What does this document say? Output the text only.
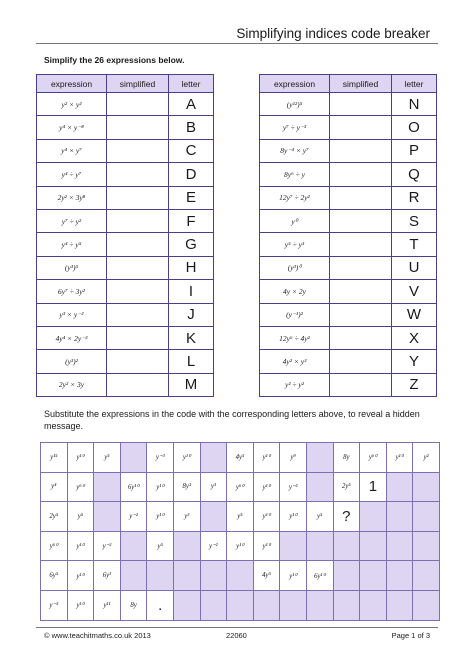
Simplifying indices code breaker
Simplify the 26 expressions below.
expression	simplified	letter
y² × y²		A
y⁴ × y⁻⁸		B
y⁴ × y⁷		C
y⁴ ÷ y⁷		D
2y² × 3y⁸		E
y⁷ ÷ y²		F
y⁴ ÷ y⁵		G
(y³)⁵		H
6y⁷ ÷ 3y²		I
y³ × y⁻²		J
4y⁴ × 2y⁻³		K
(y³)²		L
2y² × 3y		M
expression	simplified	letter
(y¹²)⁵		N
y⁷ ÷ y⁻³		O
8y⁻⁴ × y⁷		P
8y⁶ ÷ y		Q
12y⁷ ÷ 2y²		R
y⁰		S
y⁵ ÷ y³		T
(y³)⁰		U
4y × 2y		V
(y⁻¹)²		W
12y⁶ ÷ 4y²		X
4y² × y³		Y
y² ÷ y²		Z
Substitute the expressions in the code with the corresponding letters above, to reveal a hidden message.
y¹⁵	y¹⁰	y⁵		y⁻³	y¹⁰		4y⁵	y¹⁰	y⁹		8y	y⁶⁰	y¹⁰	y²
y⁴	y⁶⁰		6y¹⁰	y¹⁰	8y³	y³	y⁶⁰	y¹⁰	y⁻²		2y⁵	1		
2y⁵	y⁵		y⁻²	y¹⁰	y³		y⁵	y¹⁰	y¹⁰	y⁵	?			
y⁶⁰	y¹⁰	y⁻²		y⁵		y⁻²	y¹⁰	y¹⁰						
6y⁵	y¹⁰	6y³						4y⁵	y¹⁰	6y¹⁰				
y⁻³	y¹⁰	y¹¹	8y	.										
© www.teachitmaths.co.uk 2013	22060	Page 1 of 3
